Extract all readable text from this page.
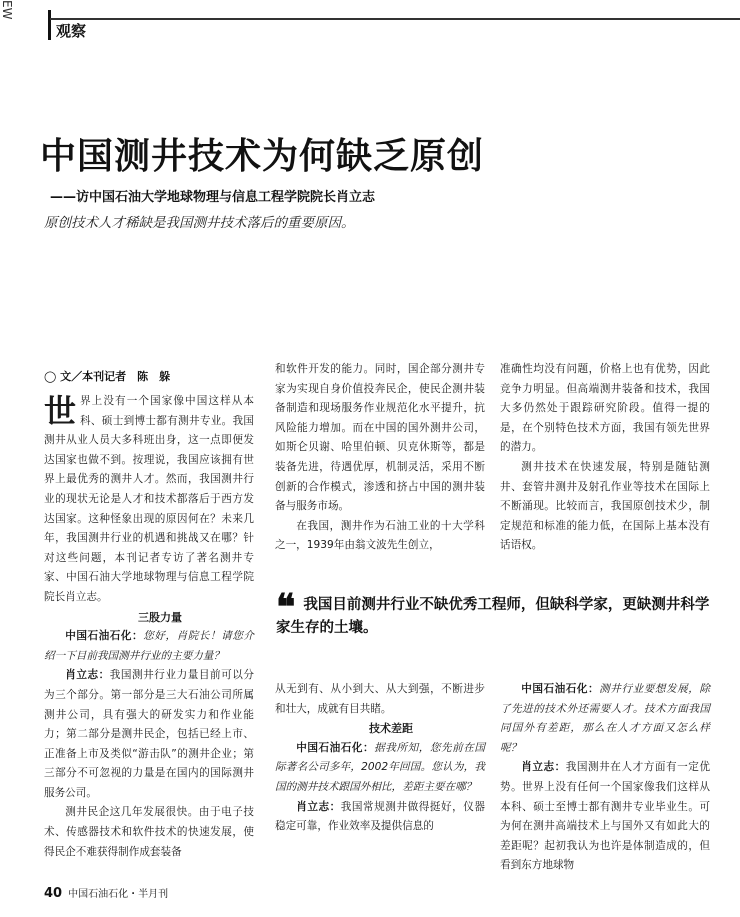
EW
观察
中国测井技术为何缺乏原创
——访中国石油大学地球物理与信息工程学院院长肖立志
原创技术人才稀缺是我国测井技术落后的重要原因。
◯ 文／本刊记者　陈　躲

世界上没有一个国家像中国这样从本科、硕士到博士都有测井专业。我国测井从业人员大多科班出身，这一点即便发达国家也做不到。按理说，我国应该拥有世界上最优秀的测井人才。然而，我国测井行业的现状无论是人才和技术都落后于西方发达国家。这种怪象出现的原因何在？未来几年，我国测井行业的机遇和挑战又在哪？针对这些问题，本刊记者专访了著名测井专家、中国石油大学地球物理与信息工程学院院长肖立志。

三股力量

中国石油石化：您好，肖院长！请您介绍一下目前我国测井行业的主要力量？

肖立志：我国测井行业力量目前可以分为三个部分。第一部分是三大石油公司所属测井公司，具有强大的研发实力和作业能力；第二部分是测井民企，包括已经上市、正准备上市及类似“游击队”的测井企业；第三部分不可忽视的力量是在国内的国际测井服务公司。

测井民企这几年发展很快。由于电子技术、传感器技术和软件技术的快速发展，使得民企不难获得制作成套装备

和软件开发的能力。同时，国企部分测井专家为实现自身价值投奔民企，使民企测井装备制造和现场服务作业规范化水平提升，抗风险能力增加。而在中国的国外测井公司，如斯仑贝谢、哈里伯顿、贝克休斯等，都是装备先进，待遇优厚，机制灵活，采用不断创新的合作模式，渗透和挤占中国的测井装备与服务市场。

在我国，测井作为石油工业的十大学科之一，1939年由翁文波先生创立，

准确性均没有问题，价格上也有优势，因此竞争力明显。但高端测井装备和技术，我国大多仍然处于跟踪研究阶段。值得一提的是，在个别特色技术方面，我国有领先世界的潜力。

测井技术在快速发展，特别是随钻测井、套管井测井及射孔作业等技术在国际上不断涌现。比较而言，我国原创技术少，制定规范和标准的能力低，在国际上基本没有话语权。

❝ 我国目前测井行业不缺优秀工程师，但缺科学家，更缺测井科学家生存的土壤。

从无到有、从小到大、从大到强，不断进步和壮大，成就有目共睹。

技术差距

中国石油石化：据我所知，您先前在国际著名公司多年，2002年回国。您认为，我国的测井技术跟国外相比，差距主要在哪？

肖立志：我国常规测井做得挺好，仪器稳定可靠，作业效率及提供信息的

中国石油石化：测井行业要想发展，除了先进的技术外还需要人才。技术方面我国同国外有差距，那么在人才方面又怎么样呢？

肖立志：我国测井在人才方面有一定优势。世界上没有任何一个国家像我们这样从本科、硕士至博士都有测井专业毕业生。可为何在测井高端技术上与国外又有如此大的差距呢？起初我认为也许是体制造成的，但看到东方地球物

40 中国石油石化・半月刊
